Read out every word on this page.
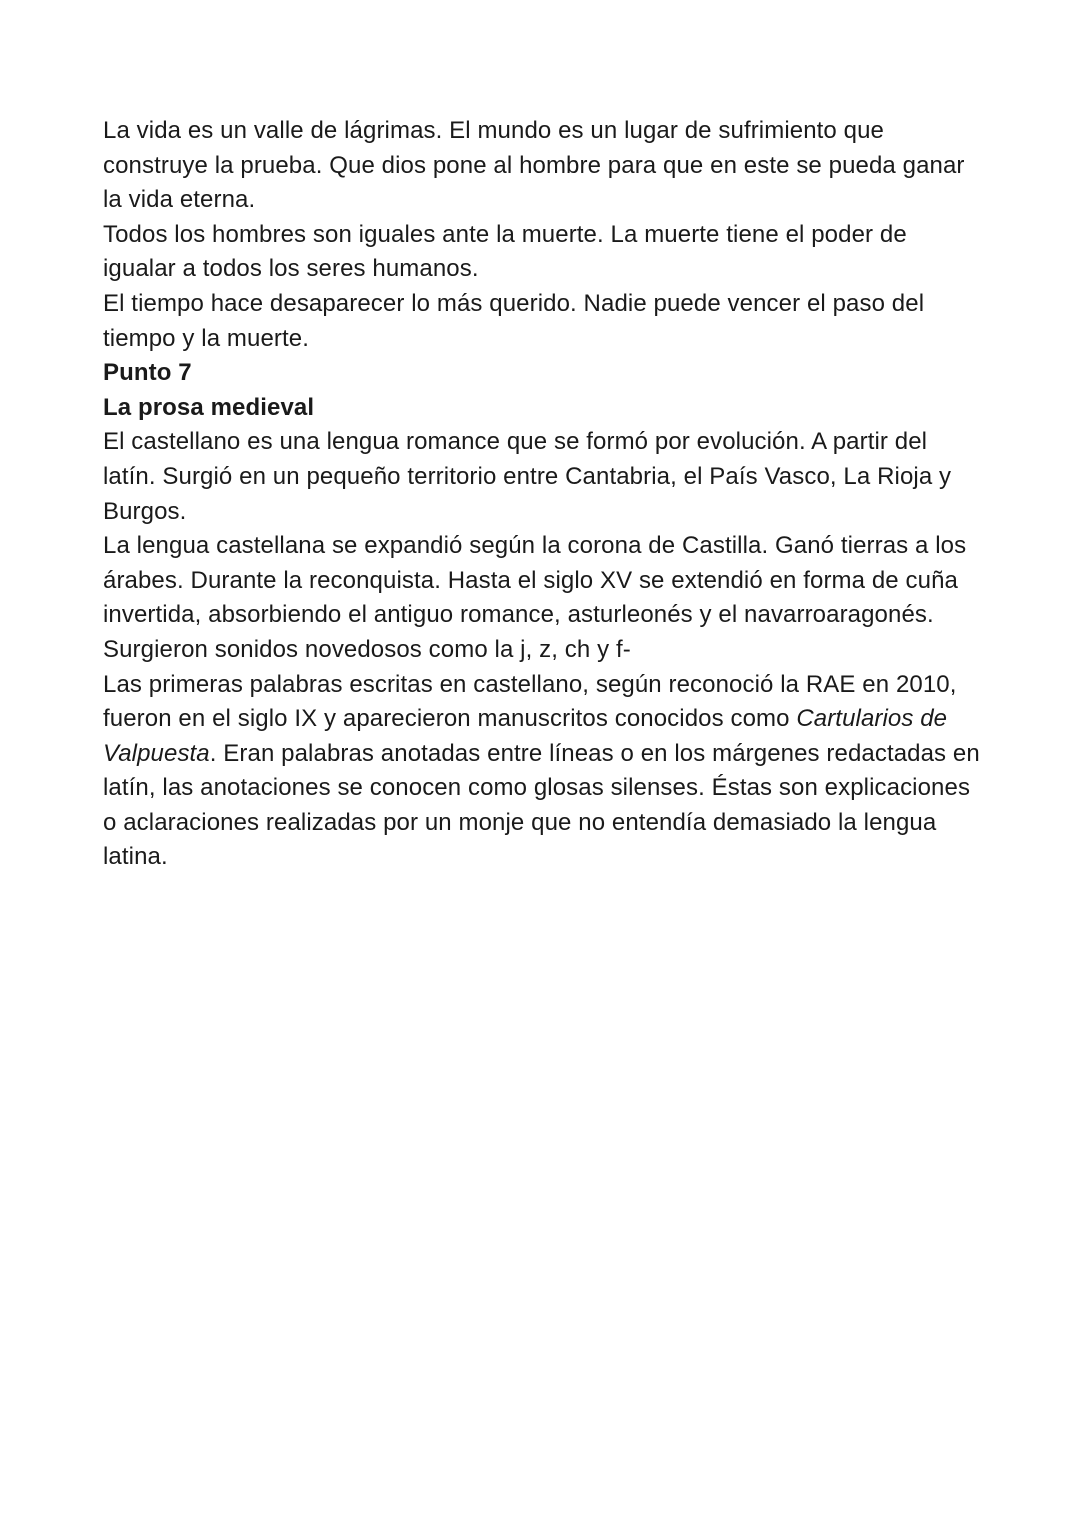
La vida es un valle de lágrimas. El mundo es un lugar de sufrimiento que construye la prueba. Que dios pone al hombre para que en este se pueda ganar la vida eterna.

Todos los hombres son iguales ante la muerte. La muerte tiene el poder de igualar a todos los seres humanos.

El tiempo hace desaparecer lo más querido. Nadie puede vencer el paso del tiempo y la muerte.

Punto 7

La prosa medieval

El castellano es una lengua romance que se formó por evolución. A partir del latín. Surgió en un pequeño territorio entre Cantabria, el País Vasco, La Rioja y Burgos.

La lengua castellana se expandió según la corona de Castilla. Ganó tierras a los árabes. Durante la reconquista. Hasta el siglo XV se extendió en forma de cuña invertida, absorbiendo el antiguo romance, asturleonés y el navarroaragonés.

Surgieron sonidos novedosos como la j, z, ch y f-

Las primeras palabras escritas en castellano, según reconoció la RAE en 2010, fueron en el siglo IX y aparecieron manuscritos conocidos como Cartularios de Valpuesta. Eran palabras anotadas entre líneas o en los márgenes redactadas en latín, las anotaciones se conocen como glosas silenses. Éstas son explicaciones o aclaraciones realizadas por un monje que no entendía demasiado la lengua latina.
